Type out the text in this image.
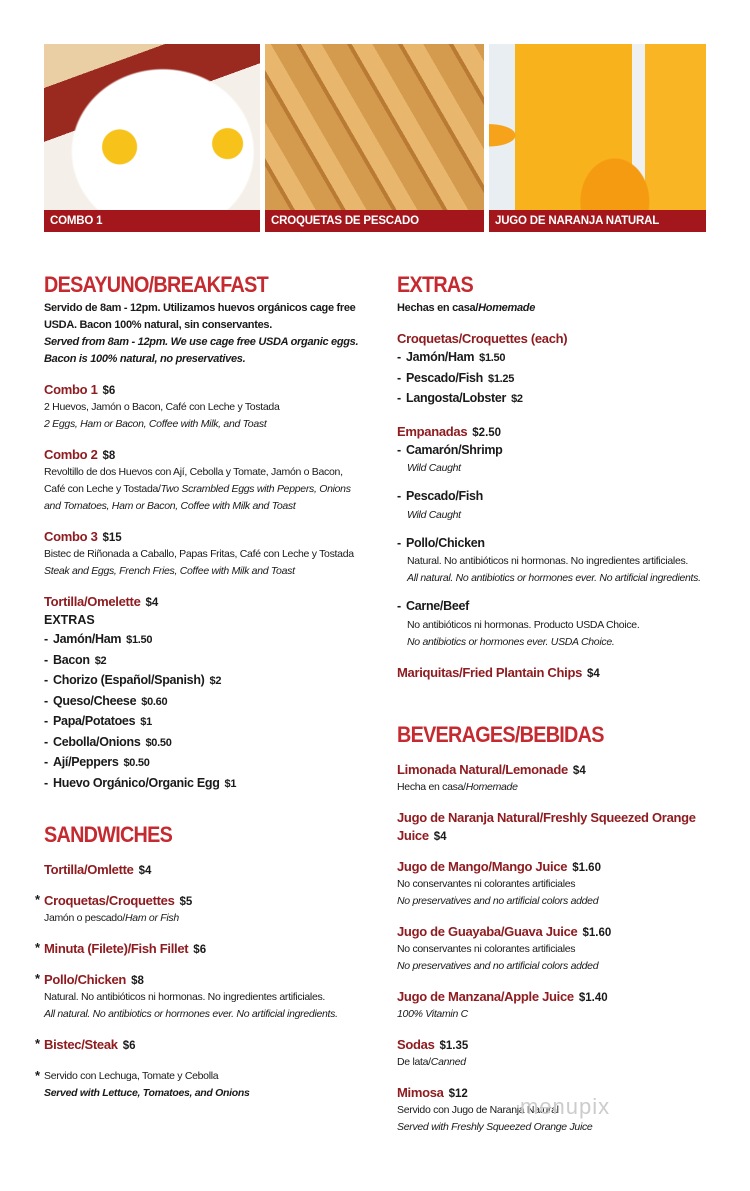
COMBO 1	CROQUETAS DE PESCADO	JUGO DE NARANJA NATURAL
DESAYUNO/BREAKFAST

Servido de 8am - 12pm. Utilizamos huevos orgánicos cage free USDA. Bacon 100% natural, sin conservantes.
Served from 8am - 12pm. We use cage free USDA organic eggs. Bacon is 100% natural, no preservatives.

Combo 1 $6
2 Huevos, Jamón o Bacon, Café con Leche y Tostada
2 Eggs, Ham or Bacon, Coffee with Milk, and Toast
Combo 2 $8
Revoltillo de dos Huevos con Ají, Cebolla y Tomate, Jamón o Bacon, Café con Leche y Tostada/Two Scrambled Eggs with Peppers, Onions and Tomatoes, Ham or Bacon, Coffee with Milk and Toast
Combo 3 $15
Bistec de Riñonada a Caballo, Papas Fritas, Café con Leche y Tostada
Steak and Eggs, French Fries, Coffee with Milk and Toast
Tortilla/Omelette $4
EXTRAS
- Jamón/Ham $1.50
- Bacon $2
- Chorizo (Español/Spanish) $2
- Queso/Cheese $0.60
- Papa/Potatoes $1
- Cebolla/Onions $0.50
- Ají/Peppers $0.50
- Huevo Orgánico/Organic Egg $1
SANDWICHES
Tortilla/Omlette $4
* Croquetas/Croquettes $5
Jamón o pescado/Ham or Fish
* Minuta (Filete)/Fish Fillet $6
* Pollo/Chicken $8
Natural. No antibióticos ni hormonas. No ingredientes artificiales.
All natural. No antibiotics or hormones ever. No artificial ingredients.
* Bistec/Steak $6
* Servido con Lechuga, Tomate y Cebolla
Served with Lettuce, Tomatoes, and Onions
EXTRAS

Hechas en casa/Homemade

Croquetas/Croquettes (each)
- Jamón/Ham $1.50
- Pescado/Fish $1.25
- Langosta/Lobster $2
Empanadas $2.50
- Camarón/Shrimp
Wild Caught
- Pescado/Fish
Wild Caught
- Pollo/Chicken
Natural. No antibióticos ni hormonas. No ingredientes artificiales.
All natural. No antibiotics or hormones ever. No artificial ingredients.
- Carne/Beef
No antibióticos ni hormonas. Producto USDA Choice.
No antibiotics or hormones ever. USDA Choice.
Mariquitas/Fried Plantain Chips $4
BEVERAGES/BEBIDAS
Limonada Natural/Lemonade $4
Hecha en casa/Homemade
Jugo de Naranja Natural/Freshly Squeezed Orange Juice $4
Jugo de Mango/Mango Juice $1.60
No conservantes ni colorantes artificiales
No preservatives and no artificial colors added
Jugo de Guayaba/Guava Juice $1.60
No conservantes ni colorantes artificiales
No preservatives and no artificial colors added
Jugo de Manzana/Apple Juice $1.40
100% Vitamin C
Sodas $1.35
De lata/Canned
Mimosa $12
Servido con Jugo de Naranja Natural
Served with Freshly Squeezed Orange Juice
menupix
